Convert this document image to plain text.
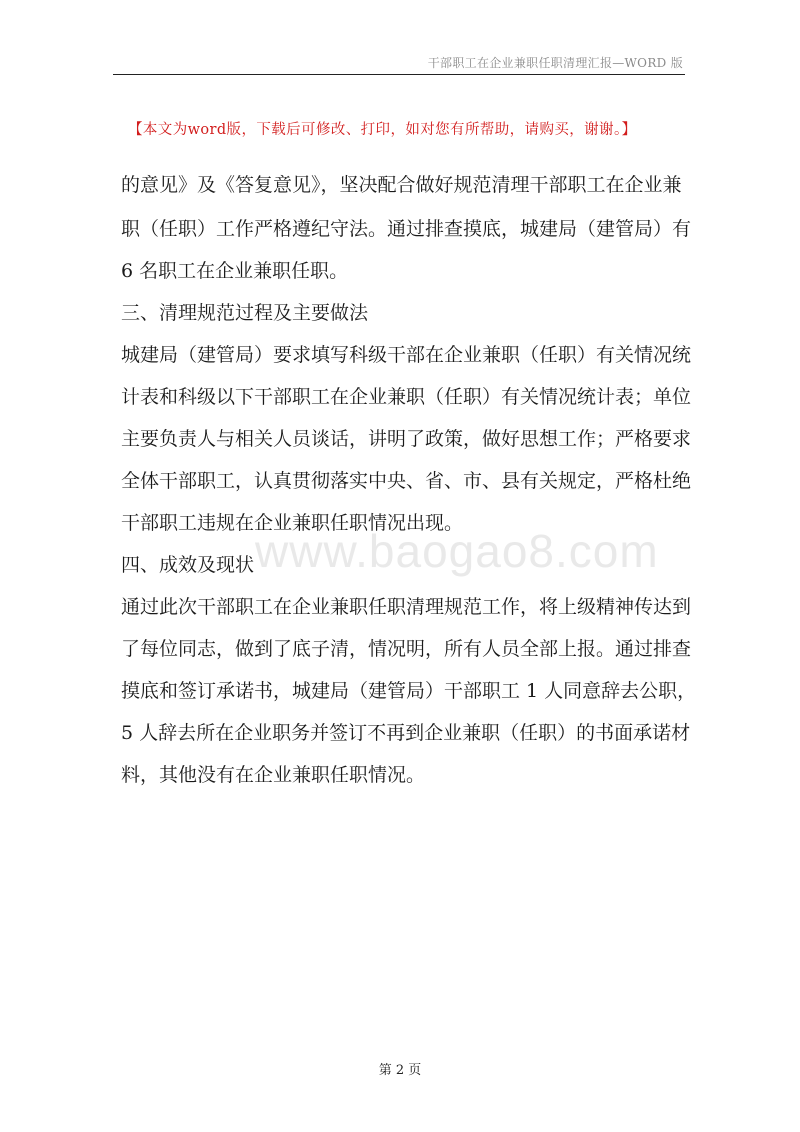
干部职工在企业兼职任职清理汇报—WORD 版
【本文为word版，下载后可修改、打印，如对您有所帮助，请购买，谢谢。】
www.baogao8.com
的意见》及《答复意见》，坚决配合做好规范清理干部职工在企业兼
职（任职）工作严格遵纪守法。通过排查摸底，城建局（建管局）有
6 名职工在企业兼职任职。
三、清理规范过程及主要做法
城建局（建管局）要求填写科级干部在企业兼职（任职）有关情况统
计表和科级以下干部职工在企业兼职（任职）有关情况统计表；单位
主要负责人与相关人员谈话，讲明了政策，做好思想工作；严格要求
全体干部职工，认真贯彻落实中央、省、市、县有关规定，严格杜绝
干部职工违规在企业兼职任职情况出现。
四、成效及现状
通过此次干部职工在企业兼职任职清理规范工作，将上级精神传达到
了每位同志，做到了底子清，情况明，所有人员全部上报。通过排查
摸底和签订承诺书，城建局（建管局）干部职工 1 人同意辞去公职，
5 人辞去所在企业职务并签订不再到企业兼职（任职）的书面承诺材
料，其他没有在企业兼职任职情况。
第 2 页
